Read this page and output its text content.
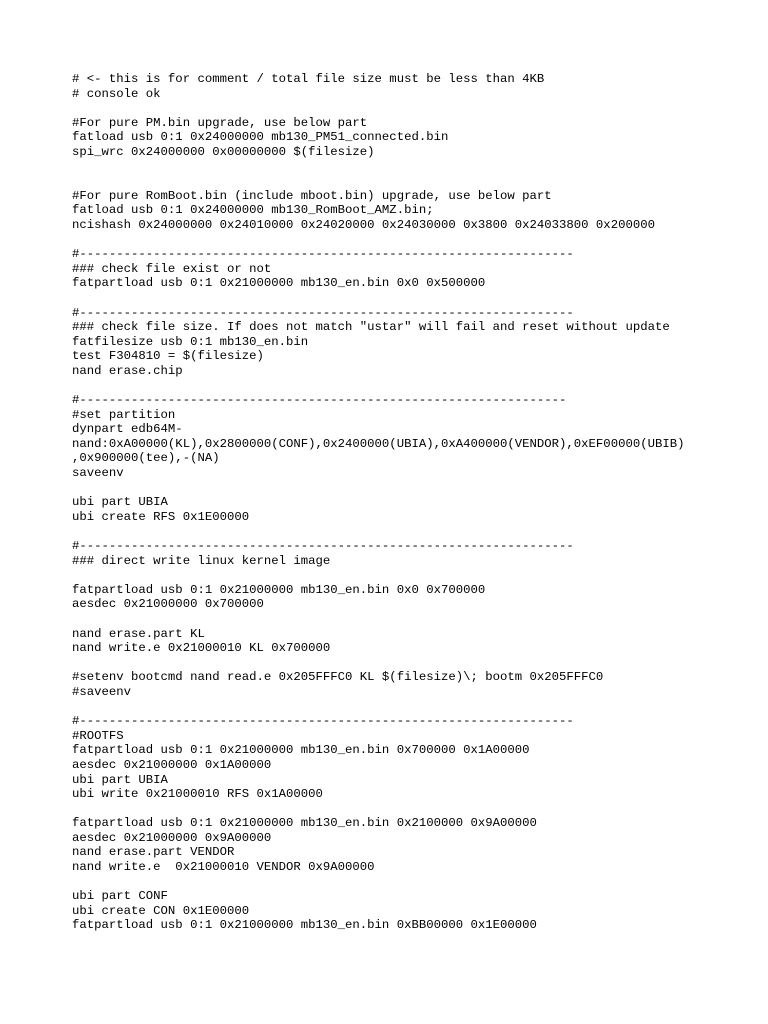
# <- this is for comment / total file size must be less than 4KB
# console ok
#For pure PM.bin upgrade, use below part
fatload usb 0:1 0x24000000 mb130_PM51_connected.bin
spi_wrc 0x24000000 0x00000000 $(filesize)
#For pure RomBoot.bin (include mboot.bin) upgrade, use below part
fatload usb 0:1 0x24000000 mb130_RomBoot_AMZ.bin;
ncishash 0x24000000 0x24010000 0x24020000 0x24030000 0x3800 0x24033800 0x200000
#-------------------------------------------------------------------
### check file exist or not
fatpartload usb 0:1 0x21000000 mb130_en.bin 0x0 0x500000
#-------------------------------------------------------------------
### check file size. If does not match "ustar" will fail and reset without update
fatfilesize usb 0:1 mb130_en.bin
test F304810 = $(filesize)
nand erase.chip
#------------------------------------------------------------------
#set partition
dynpart edb64M-
nand:0xA00000(KL),0x2800000(CONF),0x2400000(UBIA),0xA400000(VENDOR),0xEF00000(UBIB)
,0x900000(tee),-(NA)
saveenv
ubi part UBIA
ubi create RFS 0x1E00000
#-------------------------------------------------------------------
### direct write linux kernel image
fatpartload usb 0:1 0x21000000 mb130_en.bin 0x0 0x700000
aesdec 0x21000000 0x700000
nand erase.part KL
nand write.e 0x21000010 KL 0x700000
#setenv bootcmd nand read.e 0x205FFFC0 KL $(filesize)\; bootm 0x205FFFC0
#saveenv
#-------------------------------------------------------------------
#ROOTFS
fatpartload usb 0:1 0x21000000 mb130_en.bin 0x700000 0x1A00000
aesdec 0x21000000 0x1A00000
ubi part UBIA
ubi write 0x21000010 RFS 0x1A00000
fatpartload usb 0:1 0x21000000 mb130_en.bin 0x2100000 0x9A00000
aesdec 0x21000000 0x9A00000
nand erase.part VENDOR
nand write.e  0x21000010 VENDOR 0x9A00000
ubi part CONF
ubi create CON 0x1E00000
fatpartload usb 0:1 0x21000000 mb130_en.bin 0xBB00000 0x1E00000
